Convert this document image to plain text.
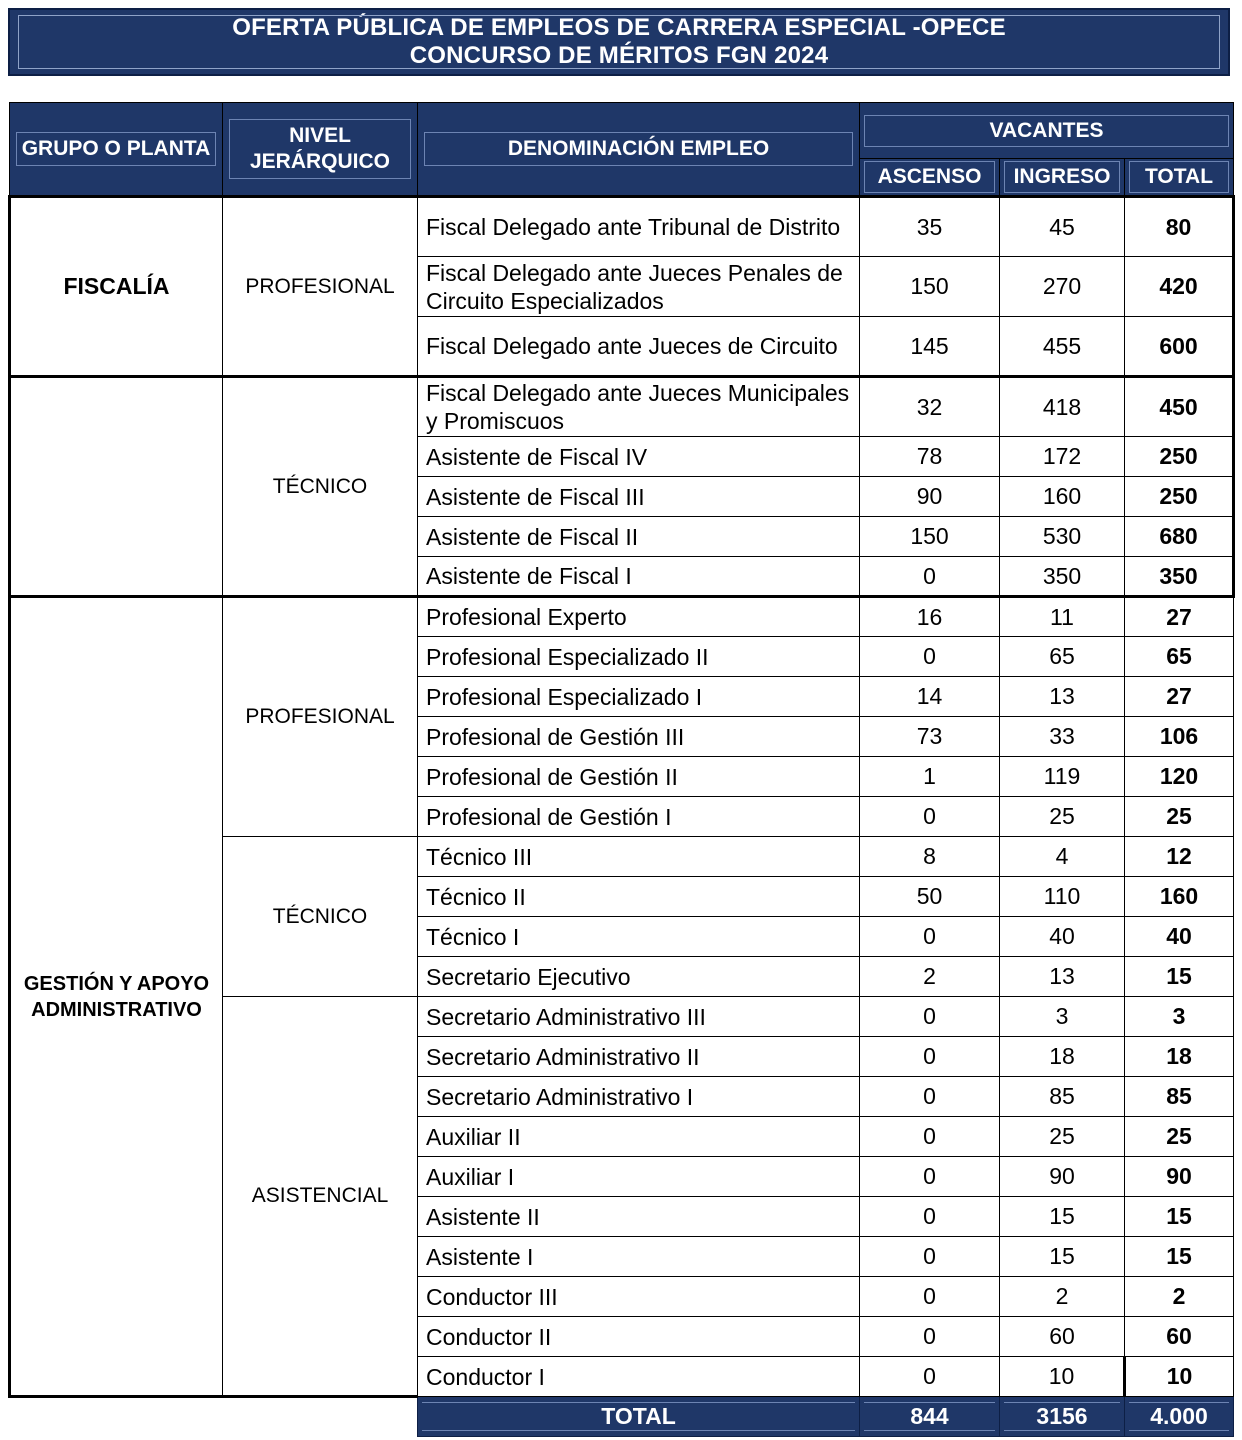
OFERTA PÚBLICA DE EMPLEOS DE CARRERA ESPECIAL -OPECE
CONCURSO DE MÉRITOS FGN 2024
GRUPO O PLANTA	NIVEL JERÁRQUICO	DENOMINACIÓN EMPLEO	VACANTES		

			ASCENSO	INGRESO	TOTAL

FISCALÍA	PROFESIONAL	Fiscal Delegado ante Tribunal de Distrito	35	45	80
		Fiscal Delegado ante Jueces Penales de Circuito Especializados	150	270	420
		Fiscal Delegado ante Jueces de Circuito	145	455	600
	TÉCNICO	Fiscal Delegado ante Jueces Municipales y Promiscuos	32	418	450
		Asistente de Fiscal IV	78	172	250
		Asistente de Fiscal III	90	160	250
		Asistente de Fiscal II	150	530	680
		Asistente de Fiscal I	0	350	350
GESTIÓN Y APOYO ADMINISTRATIVO	PROFESIONAL	Profesional Experto	16	11	27
		Profesional Especializado II	0	65	65
		Profesional Especializado I	14	13	27
		Profesional de Gestión III	73	33	106
		Profesional de Gestión II	1	119	120
		Profesional de Gestión I	0	25	25
	TÉCNICO	Técnico III	8	4	12
		Técnico II	50	110	160
		Técnico I	0	40	40
		Secretario Ejecutivo	2	13	15
	ASISTENCIAL	Secretario Administrativo III	0	3	3
		Secretario Administrativo II	0	18	18
		Secretario Administrativo I	0	85	85
		Auxiliar II	0	25	25
		Auxiliar I	0	90	90
		Asistente II	0	15	15
		Asistente I	0	15	15
		Conductor III	0	2	2
		Conductor II	0	60	60
		Conductor I	0	10	10

		TOTAL	844	3156	4.000
